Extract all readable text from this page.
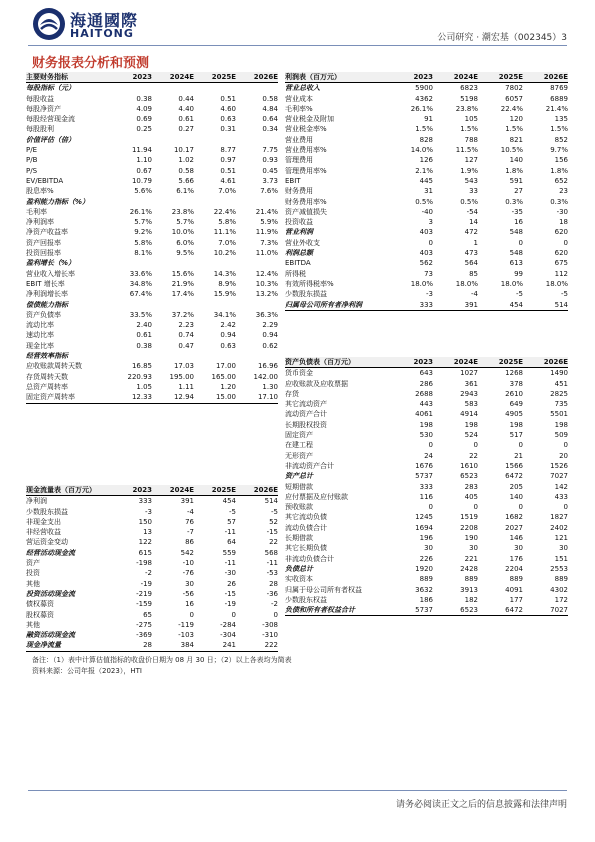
海通國際
HAITONG	公司研究 · 潮宏基（002345）3
财务报表分析和预测
主要财务指标	2023	2024E	2025E	2026E
每股指标（元）
每股收益	0.38	0.44	0.51	0.58
每股净资产	4.09	4.40	4.60	4.84
每股经营现金流	0.69	0.61	0.63	0.64
每股股利	0.25	0.27	0.31	0.34
价值评估（倍）
P/E	11.94	10.17	8.77	7.75
P/B	1.10	1.02	0.97	0.93
P/S	0.67	0.58	0.51	0.45
EV/EBITDA	10.79	5.66	4.61	3.73
股息率%	5.6%	6.1%	7.0%	7.6%
盈利能力指标（%）
毛利率	26.1%	23.8%	22.4%	21.4%
净利润率	5.7%	5.7%	5.8%	5.9%
净资产收益率	9.2%	10.0%	11.1%	11.9%
资产回报率	5.8%	6.0%	7.0%	7.3%
投资回报率	8.1%	9.5%	10.2%	11.0%
盈利增长（%）
营业收入增长率	33.6%	15.6%	14.3%	12.4%
EBIT 增长率	34.8%	21.9%	8.9%	10.3%
净利润增长率	67.4%	17.4%	15.9%	13.2%
偿债能力指标
资产负债率	33.5%	37.2%	34.1%	36.3%
流动比率	2.40	2.23	2.42	2.29
速动比率	0.61	0.74	0.94	0.94
现金比率	0.38	0.47	0.63	0.62
经营效率指标
应收账款周转天数	16.85	17.03	17.00	16.96
存货周转天数	220.93	195.00	165.00	142.00
总资产周转率	1.05	1.11	1.20	1.30
固定资产周转率	12.33	12.94	15.00	17.10
现金流量表（百万元）	2023	2024E	2025E	2026E
净利润	333	391	454	514
少数股东损益	-3	-4	-5	-5
非现金支出	150	76	57	52
非经营收益	13	-7	-11	-15
营运资金变动	122	86	64	22
经营活动现金流	615	542	559	568
资产	-198	-10	-11	-11
投资	-2	-76	-30	-53
其他	-19	30	26	28
投资活动现金流	-219	-56	-15	-36
债权募资	-159	16	-19	-2
股权募资	65	0	0	0
其他	-275	-119	-284	-308
融资活动现金流	-369	-103	-304	-310
现金净流量	28	384	241	222
利润表（百万元）	2023	2024E	2025E	2026E
营业总收入	5900	6823	7802	8769
营业成本	4362	5198	6057	6889
毛利率%	26.1%	23.8%	22.4%	21.4%
营业税金及附加	91	105	120	135
营业税金率%	1.5%	1.5%	1.5%	1.5%
营业费用	828	788	821	852
营业费用率%	14.0%	11.5%	10.5%	9.7%
管理费用	126	127	140	156
管理费用率%	2.1%	1.9%	1.8%	1.8%
EBIT	445	543	591	652
财务费用	31	33	27	23
财务费用率%	0.5%	0.5%	0.3%	0.3%
资产减值损失	-40	-54	-35	-30
投资收益	3	14	16	18
营业利润	403	472	548	620
营业外收支	0	1	0	0
利润总额	403	473	548	620
EBITDA	562	564	613	675
所得税	73	85	99	112
有效所得税率%	18.0%	18.0%	18.0%	18.0%
少数股东损益	-3	-4	-5	-5
归属母公司所有者净利润	333	391	454	514
资产负债表（百万元）	2023	2024E	2025E	2026E
货币资金	643	1027	1268	1490
应收账款及应收票据	286	361	378	451
存货	2688	2943	2610	2825
其它流动资产	443	583	649	735
流动资产合计	4061	4914	4905	5501
长期股权投资	198	198	198	198
固定资产	530	524	517	509
在建工程	0	0	0	0
无形资产	24	22	21	20
非流动资产合计	1676	1610	1566	1526
资产总计	5737	6523	6472	7027
短期借款	333	283	205	142
应付票据及应付账款	116	405	140	433
预收账款	0	0	0	0
其它流动负债	1245	1519	1682	1827
流动负债合计	1694	2208	2027	2402
长期借款	196	190	146	121
其它长期负债	30	30	30	30
非流动负债合计	226	221	176	151
负债总计	1920	2428	2204	2553
实收资本	889	889	889	889
归属于母公司所有者权益	3632	3913	4091	4302
少数股东权益	186	182	177	172
负债和所有者权益合计	5737	6523	6472	7027
备注：（1）表中计算估值指标的收盘价日期为 08 月 30 日；（2）以上各表均为简表
资料来源：公司年报（2023），HTI
请务必阅读正文之后的信息披露和法律声明
